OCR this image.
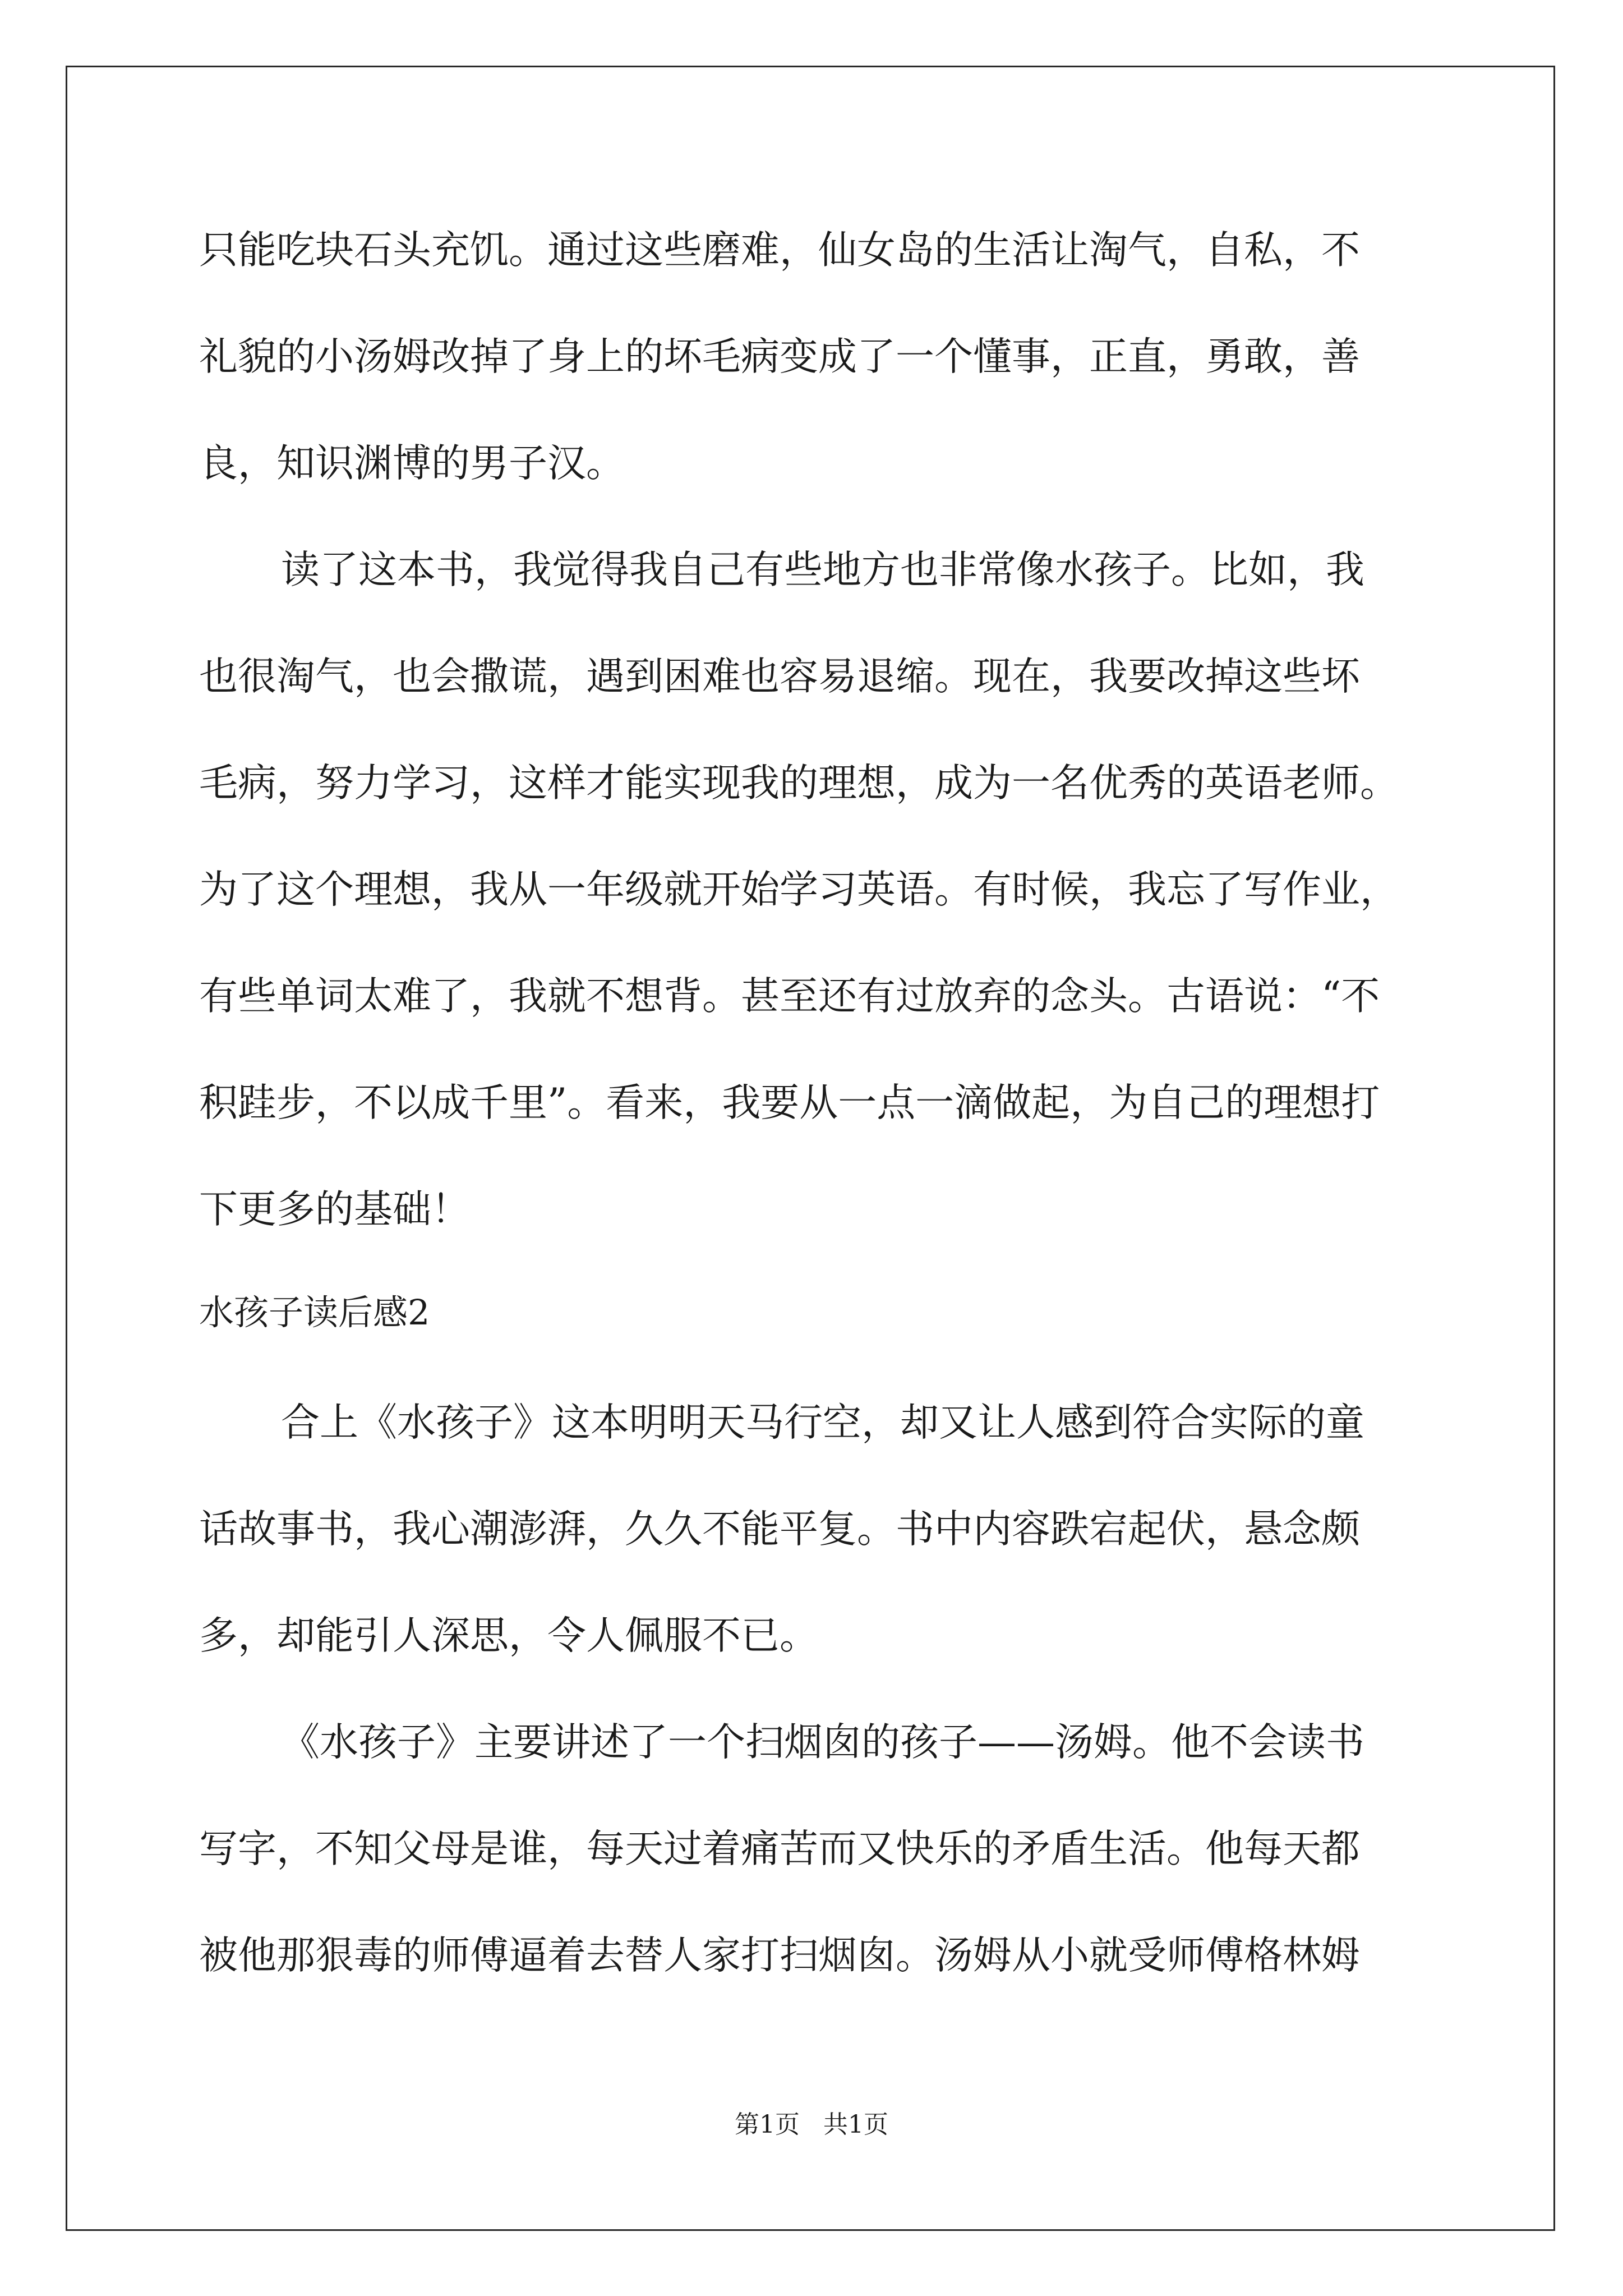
只能吃块石头充饥。通过这些磨难，仙女岛的生活让淘气，自私，不
礼貌的小汤姆改掉了身上的坏毛病变成了一个懂事，正直，勇敢，善
良，知识渊博的男子汉。
读了这本书，我觉得我自己有些地方也非常像水孩子。比如，我
也很淘气，也会撒谎，遇到困难也容易退缩。现在，我要改掉这些坏
毛病，努力学习，这样才能实现我的理想，成为一名优秀的英语老师。
为了这个理想，我从一年级就开始学习英语。有时候，我忘了写作业，
有些单词太难了，我就不想背。甚至还有过放弃的念头。古语说：“不
积跬步，不以成千里”。看来，我要从一点一滴做起，为自己的理想打
下更多的基础！
水孩子读后感2
合上《水孩子》这本明明天马行空，却又让人感到符合实际的童
话故事书，我心潮澎湃，久久不能平复。书中内容跌宕起伏，悬念颇
多，却能引人深思，令人佩服不已。
《水孩子》主要讲述了一个扫烟囱的孩子——汤姆。他不会读书
写字，不知父母是谁，每天过着痛苦而又快乐的矛盾生活。他每天都
被他那狠毒的师傅逼着去替人家打扫烟囱。汤姆从小就受师傅格林姆
第1页   共1页
